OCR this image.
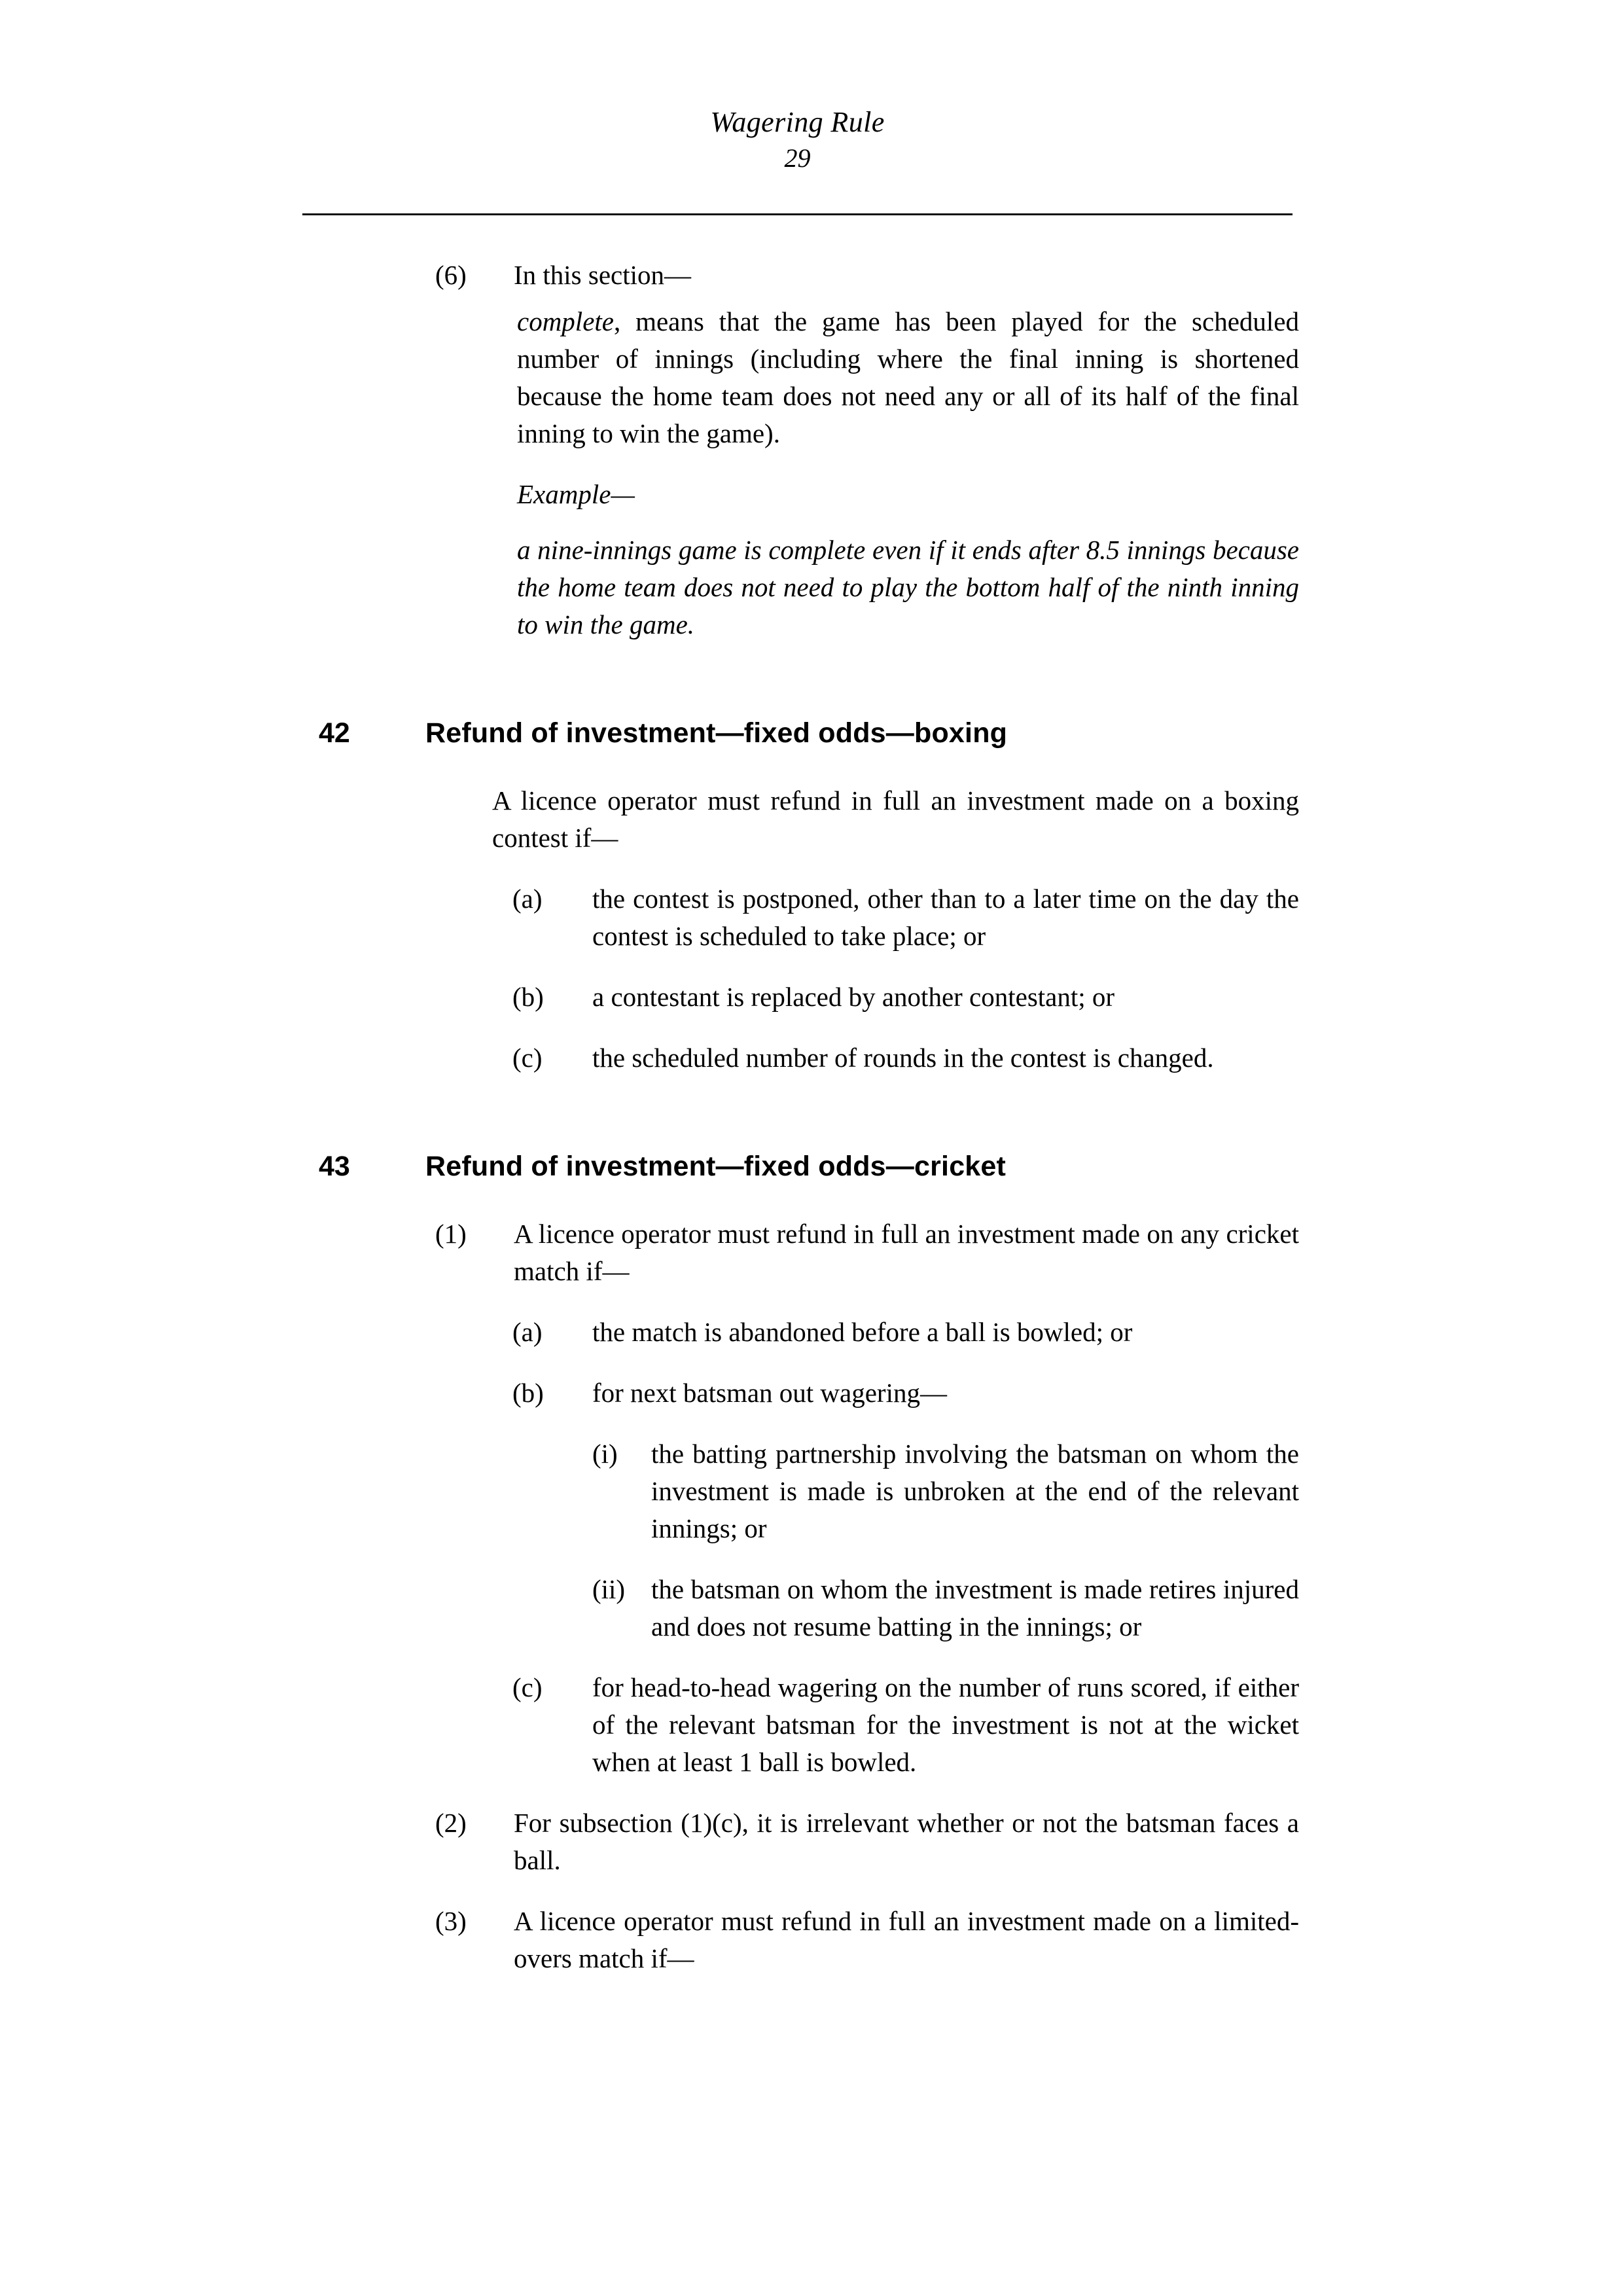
Wagering Rule
29
(6)	In this section—
complete, means that the game has been played for the scheduled number of innings (including where the final inning is shortened because the home team does not need any or all of its half of the final inning to win the game).
Example—
a nine-innings game is complete even if it ends after 8.5 innings because the home team does not need to play the bottom half of the ninth inning to win the game.
42	Refund of investment—fixed odds—boxing
A licence operator must refund in full an investment made on a boxing contest if—
(a)	the contest is postponed, other than to a later time on the day the contest is scheduled to take place; or
(b)	a contestant is replaced by another contestant; or
(c)	the scheduled number of rounds in the contest is changed.
43	Refund of investment—fixed odds—cricket
(1)	A licence operator must refund in full an investment made on any cricket match if—
(a)	the match is abandoned before a ball is bowled; or
(b)	for next batsman out wagering—
(i)	the batting partnership involving the batsman on whom the investment is made is unbroken at the end of the relevant innings; or
(ii) the batsman on whom the investment is made retires injured and does not resume batting in the innings; or
(c)	for head-to-head wagering on the number of runs scored, if either of the relevant batsman for the investment is not at the wicket when at least 1 ball is bowled.
(2)	For subsection (1)(c), it is irrelevant whether or not the batsman faces a ball.
(3)	A licence operator must refund in full an investment made on a limited-overs match if—
